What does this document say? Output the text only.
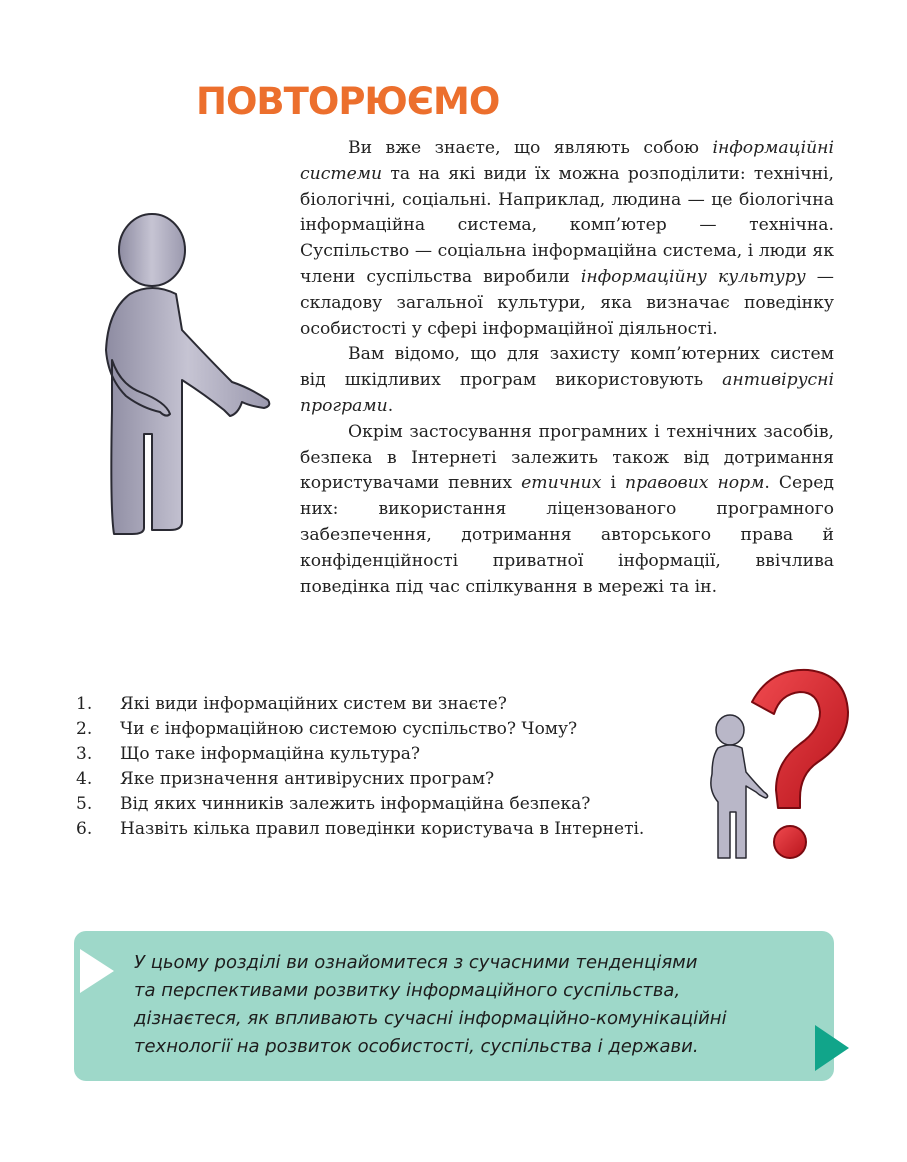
ПОВТОРЮЄМО

Ви вже знаєте, що являють собою інформаційні системи та на які види їх можна розподілити: технічні, біологічні, соціальні. Наприклад, людина — це біологічна інформаційна система, комп’ютер — технічна. Суспільство — соціальна інформаційна система, і люди як члени суспільства виробили інформаційну культуру — складову загальної культури, яка визначає поведінку особистості у сфері інформаційної діяльності.

Вам відомо, що для захисту комп’ютерних систем від шкідливих програм використовують антивірусні програми.

Окрім застосування програмних і технічних засобів, безпека в Інтернеті залежить також від дотримання користувачами певних етичних і правових норм. Серед них: використання ліцензованого програмного забезпечення, дотримання авторського права й конфіденційності приватної інформації, ввічлива поведінка під час спілкування в мережі та ін.

1. Які види інформаційних систем ви знаєте?
2. Чи є інформаційною системою суспільство? Чому?
3. Що таке інформаційна культура?
4. Яке призначення антивірусних програм?
5. Від яких чинників залежить інформаційна безпека?
6. Назвіть кілька правил поведінки користувача в Інтернеті.

У цьому розділі ви ознайомитеся з сучасними тенденціями
та перспективами розвитку інформаційного суспільства,
дізнаєтеся, як впливають сучасні інформаційно-комунікаційні
технології на розвиток особистості, суспільства і держави.
